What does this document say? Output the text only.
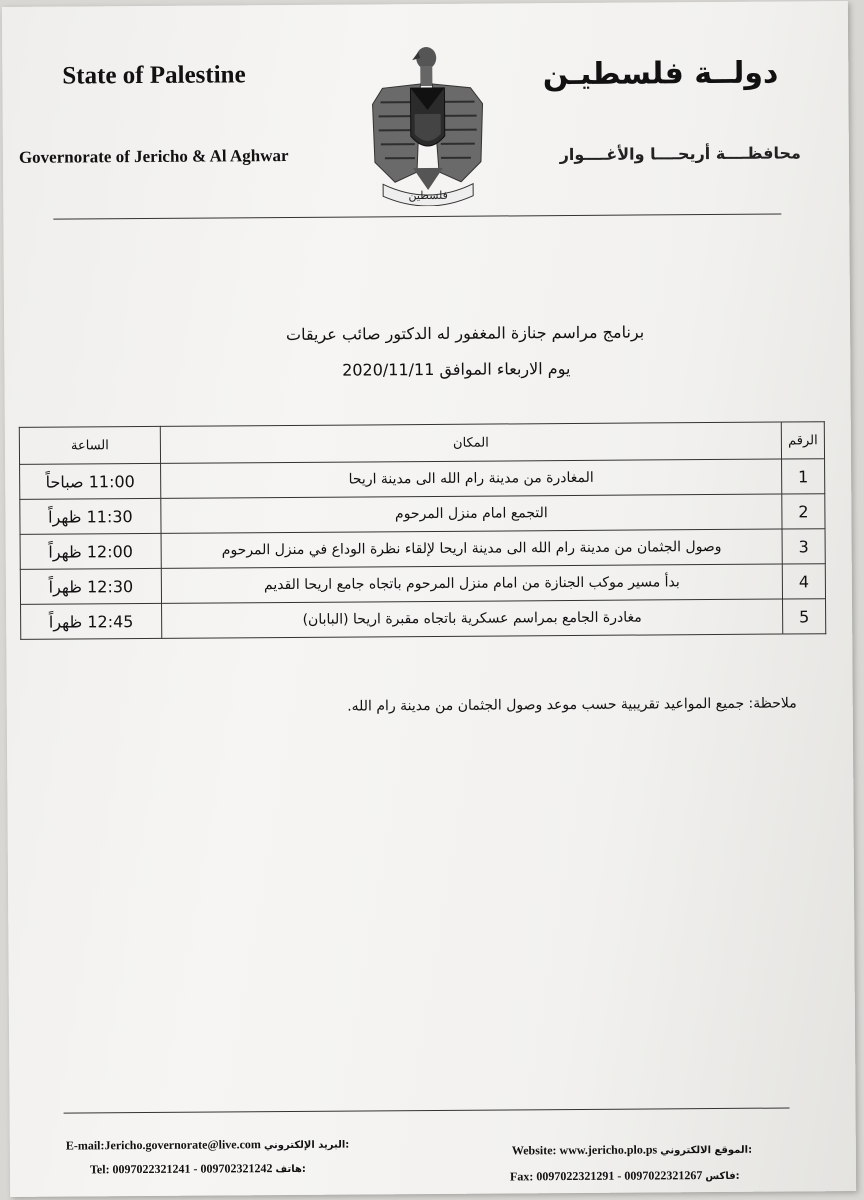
State of Palestine
Governorate of Jericho & Al Aghwar
دولــة فلسطيـن
محافظــــة أريحــــا والأغــــوار
فلسطين
برنامج مراسم جنازة المغفور له الدكتور صائب عريقات
يوم الاربعاء الموافق 2020/11/11
الرقم	المكان	الساعة
1	المغادرة من مدينة رام الله الى مدينة اريحا	11:00 صباحاً
2	التجمع امام منزل المرحوم	11:30 ظهراً
3	وصول الجثمان من مدينة رام الله الى مدينة اريحا لإلقاء نظرة الوداع في منزل المرحوم	12:00 ظهراً
4	بدأ مسير موكب الجنازة من امام منزل المرحوم باتجاه جامع اريحا القديم	12:30 ظهراً
5	مغادرة الجامع بمراسم عسكرية باتجاه مقبرة اريحا (البابان)	12:45 ظهراً
ملاحظة: جميع المواعيد تقريبية حسب موعد وصول الجثمان من مدينة رام الله.
E-mail:Jericho.governorate@live.com البريد الإلكتروني:
Tel: 0097022321241 - 009702321242 هاتف:
Website: www.jericho.plo.ps الموقع الالكتروني:
Fax: 0097022321291 - 0097022321267 فاكس:
